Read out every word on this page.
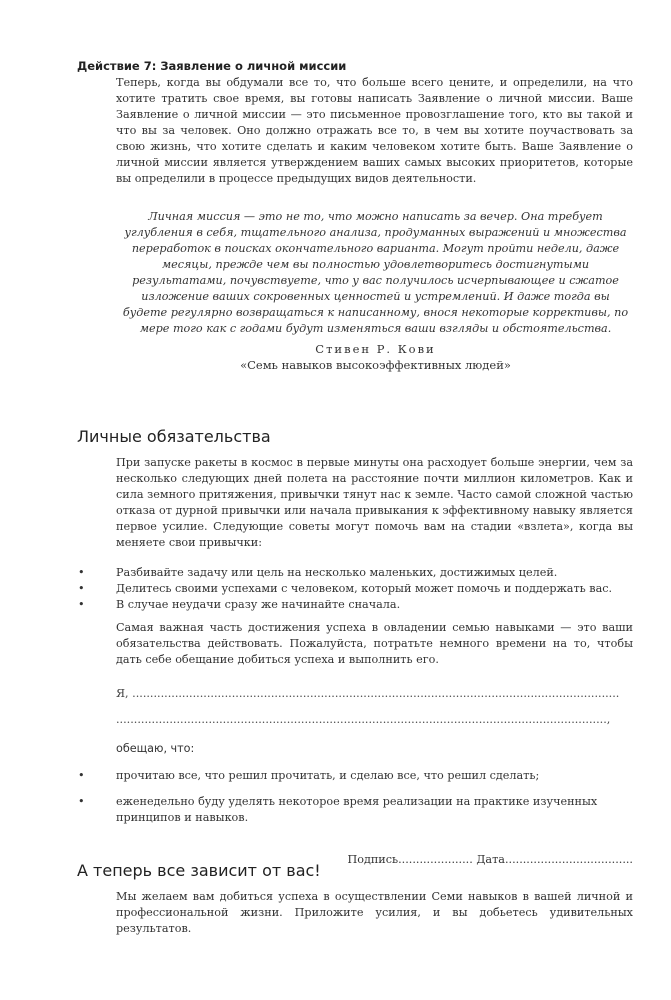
Действие 7: Заявление о личной миссии

Теперь, когда вы обдумали все то, что больше всего цените, и определили, на что хотите тратить свое время, вы готовы написать Заявление о личной миссии. Ваше Заявление о личной миссии — это письменное провозглашение того, кто вы такой и что вы за человек. Оно должно отражать все то, в чем вы хотите поучаствовать за свою жизнь, что хотите сделать и каким человеком хотите быть. Ваше Заявление о личной миссии является утверждением ваших самых высоких приоритетов, которые вы определили в процессе предыдущих видов деятельности.

Личная миссия — это не то, что можно написать за вечер. Она требует углубления в себя, тщательного анализа, продуманных выражений и множества переработок в поисках окончательного варианта. Могут пройти недели, даже месяцы, прежде чем вы полностью удовлетворитесь достигнутыми результатами, почувствуете, что у вас получилось исчерпывающее и сжатое изложение ваших сокровенных ценностей и устремлений. И даже тогда вы будете регулярно возвращаться к написанному, внося некоторые коррективы, по мере того как с годами будут изменяться ваши взгляды и обстоятельства.

Стивен Р. Кови

«Семь навыков высокоэффективных людей»

Личные обязательства

При запуске ракеты в космос в первые минуты она расходует больше энергии, чем за несколько следующих дней полета на расстояние почти миллион километров. Как и сила земного притяжения, привычки тянут нас к земле. Часто самой сложной частью отказа от дурной привычки или начала привыкания к эффективному навыку является первое усилие. Следующие советы могут помочь вам на стадии «взлета», когда вы меняете свои привычки:

•	Разбивайте задачу или цель на несколько маленьких, достижимых целей.
•	Делитесь своими успехами с человеком, который может помочь и поддержать вас.
•	В случае неудачи сразу же начинайте сначала.

Самая важная часть достижения успеха в овладении семью навыками — это ваши обязательства действовать. Пожалуйста, потратьте немного времени на то, чтобы дать себе обещание добиться успеха и выполнить его.

Я, .........................................................................................................................................
..........................................................................................................................................,
обещаю, что:
•	прочитаю все, что решил прочитать, и сделаю все, что решил сделать;
•	еженедельно буду уделять некоторое время реализации на практике изученных принципов и навыков.
Подпись..................... Дата....................................
А теперь все зависит от вас!

Мы желаем вам добиться успеха в осуществлении Семи навыков в вашей личной и профессиональной жизни. Приложите усилия, и вы добьетесь удивительных результатов.
